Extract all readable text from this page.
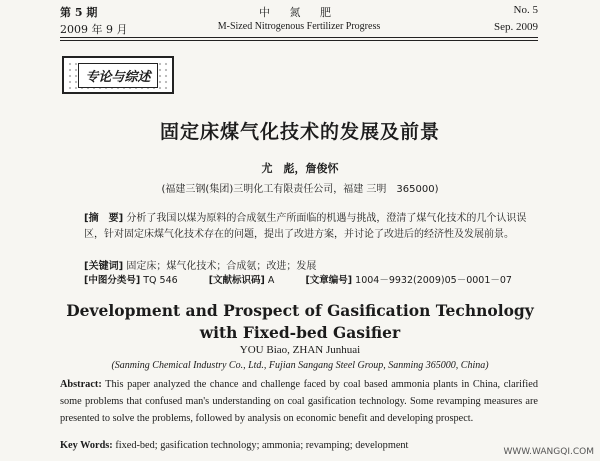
第 5 期
2009 年 9 月
中 氮 肥
M-Sized Nitrogenous Fertilizer Progress
No. 5
Sep. 2009
专论与综述
固定床煤气化技术的发展及前景
尤　彪，詹俊怀
(福建三钢(集团)三明化工有限责任公司，福建 三明　365000)
[摘　要] 分析了我国以煤为原料的合成氨生产所面临的机遇与挑战，澄清了煤气化技术的几个认识误区，针对固定床煤气化技术存在的问题，提出了改进方案，并讨论了改进后的经济性及发展前景。
[关键词] 固定床；煤气化技术；合成氨；改进；发展
[中图分类号] TQ 546	[文献标识码] A	[文章编号] 1004－9932(2009)05－0001－07
Development and Prospect of Gasification Technology
with Fixed-bed Gasifier
YOU Biao, ZHAN Junhuai
(Sanming Chemical Industry Co., Ltd., Fujian Sangang Steel Group, Sanming 365000, China)
Abstract: This paper analyzed the chance and challenge faced by coal based ammonia plants in China, clarified some problems that confused man's understanding on coal gasification technology. Some revamping measures are presented to solve the problems, followed by analysis on economic benefit and developing prospect.
Key Words: fixed-bed; gasification technology; ammonia; revamping; development
WWW.WANGQI.COM
